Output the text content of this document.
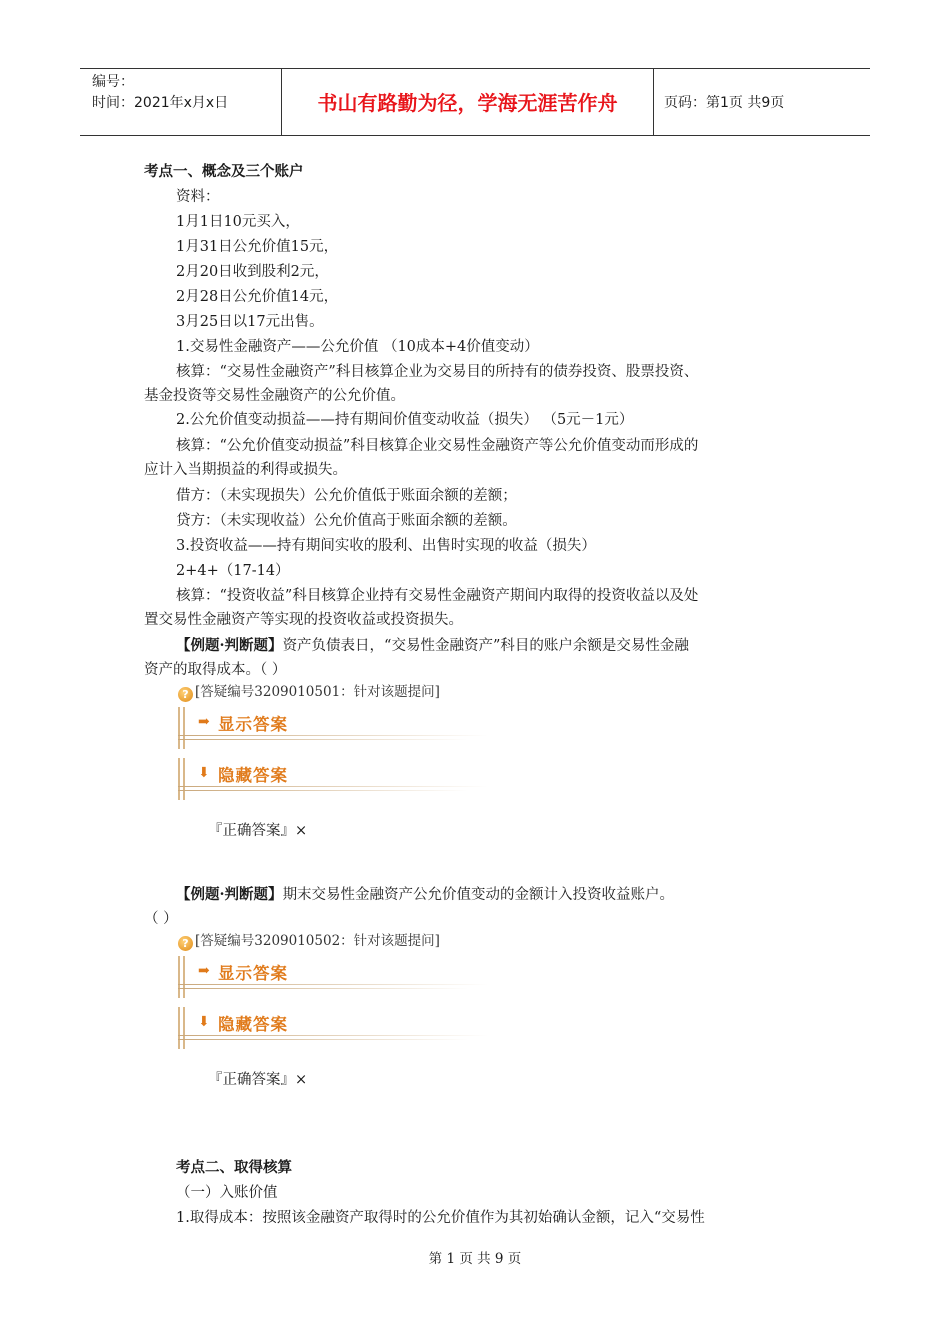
编号：
时间：2021年x月x日	书山有路勤为径，学海无涯苦作舟	页码：第1页 共9页
考点一、概念及三个账户
资料：
1月1日10元买入，
1月31日公允价值15元，
2月20日收到股利2元，
2月28日公允价值14元，
3月25日以17元出售。
1.交易性金融资产——公允价值 （10成本+4价值变动）
核算：“交易性金融资产”科目核算企业为交易目的所持有的债券投资、股票投资、
基金投资等交易性金融资产的公允价值。
2.公允价值变动损益——持有期间价值变动收益（损失） （5元－1元）
核算：“公允价值变动损益”科目核算企业交易性金融资产等公允价值变动而形成的
应计入当期损益的利得或损失。
借方：（未实现损失）公允价值低于账面余额的差额；
贷方：（未实现收益）公允价值高于账面余额的差额。
3.投资收益——持有期间实收的股利、出售时实现的收益（损失）
2+4+（17-14）
核算：“投资收益”科目核算企业持有交易性金融资产期间内取得的投资收益以及处
置交易性金融资产等实现的投资收益或投资损失。
【例题·判断题】资产负债表日，“交易性金融资产”科目的账户余额是交易性金融
资产的取得成本。（ ）
? [答疑编号3209010501：针对该题提问]
➡ 显示答案
⬇ 隐藏答案
『正确答案』×
【例题·判断题】期末交易性金融资产公允价值变动的金额计入投资收益账户。
（ ）
? [答疑编号3209010502：针对该题提问]
➡ 显示答案
⬇ 隐藏答案
『正确答案』×
考点二、取得核算
（一）入账价值
1.取得成本：按照该金融资产取得时的公允价值作为其初始确认金额，记入“交易性
第 1 页 共 9 页
